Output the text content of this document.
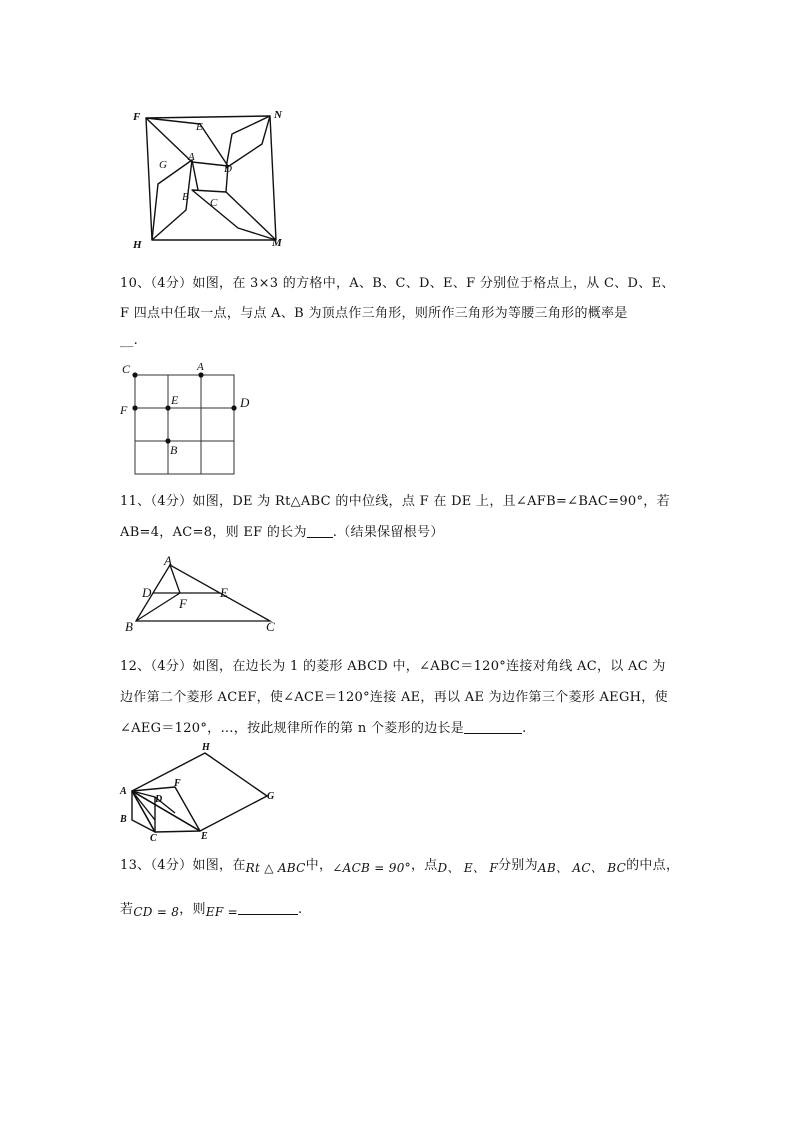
F
E
N
G
A
D
B C
H	M
10、（4分）如图，在 3×3 的方格中，A、B、C、D、E、F 分别位于格点上，从 C、D、E、
F 四点中任取一点，与点 A、B 为顶点作三角形，则所作三角形为等腰三角形的概率是
__.
C	A
E	D
F
B
11、（4分）如图，DE 为 Rt△ABC 的中位线，点 F 在 DE 上，且∠AFB=∠BAC=90°，若
AB=4，AC=8，则 EF 的长为 .（结果保留根号）
A
D	E
F
B	C
12、（4分）如图，在边长为 1 的菱形 ABCD 中，∠ABC＝120°连接对角线 AC，以 AC 为
边作第二个菱形 ACEF，使∠ACE＝120°连接 AE，再以 AE 为边作第三个菱形 AEGH，使
∠AEG＝120°，…，按此规律所作的第 n 个菱形的边长是	.
H
F
A
D	G
B
C	E
13、（4分）如图，在Rt △ ABC中，∠ACB = 90°，点D、 E、 F分别为AB、 AC、 BC的中点，
若CD = 8，则EF =	.
